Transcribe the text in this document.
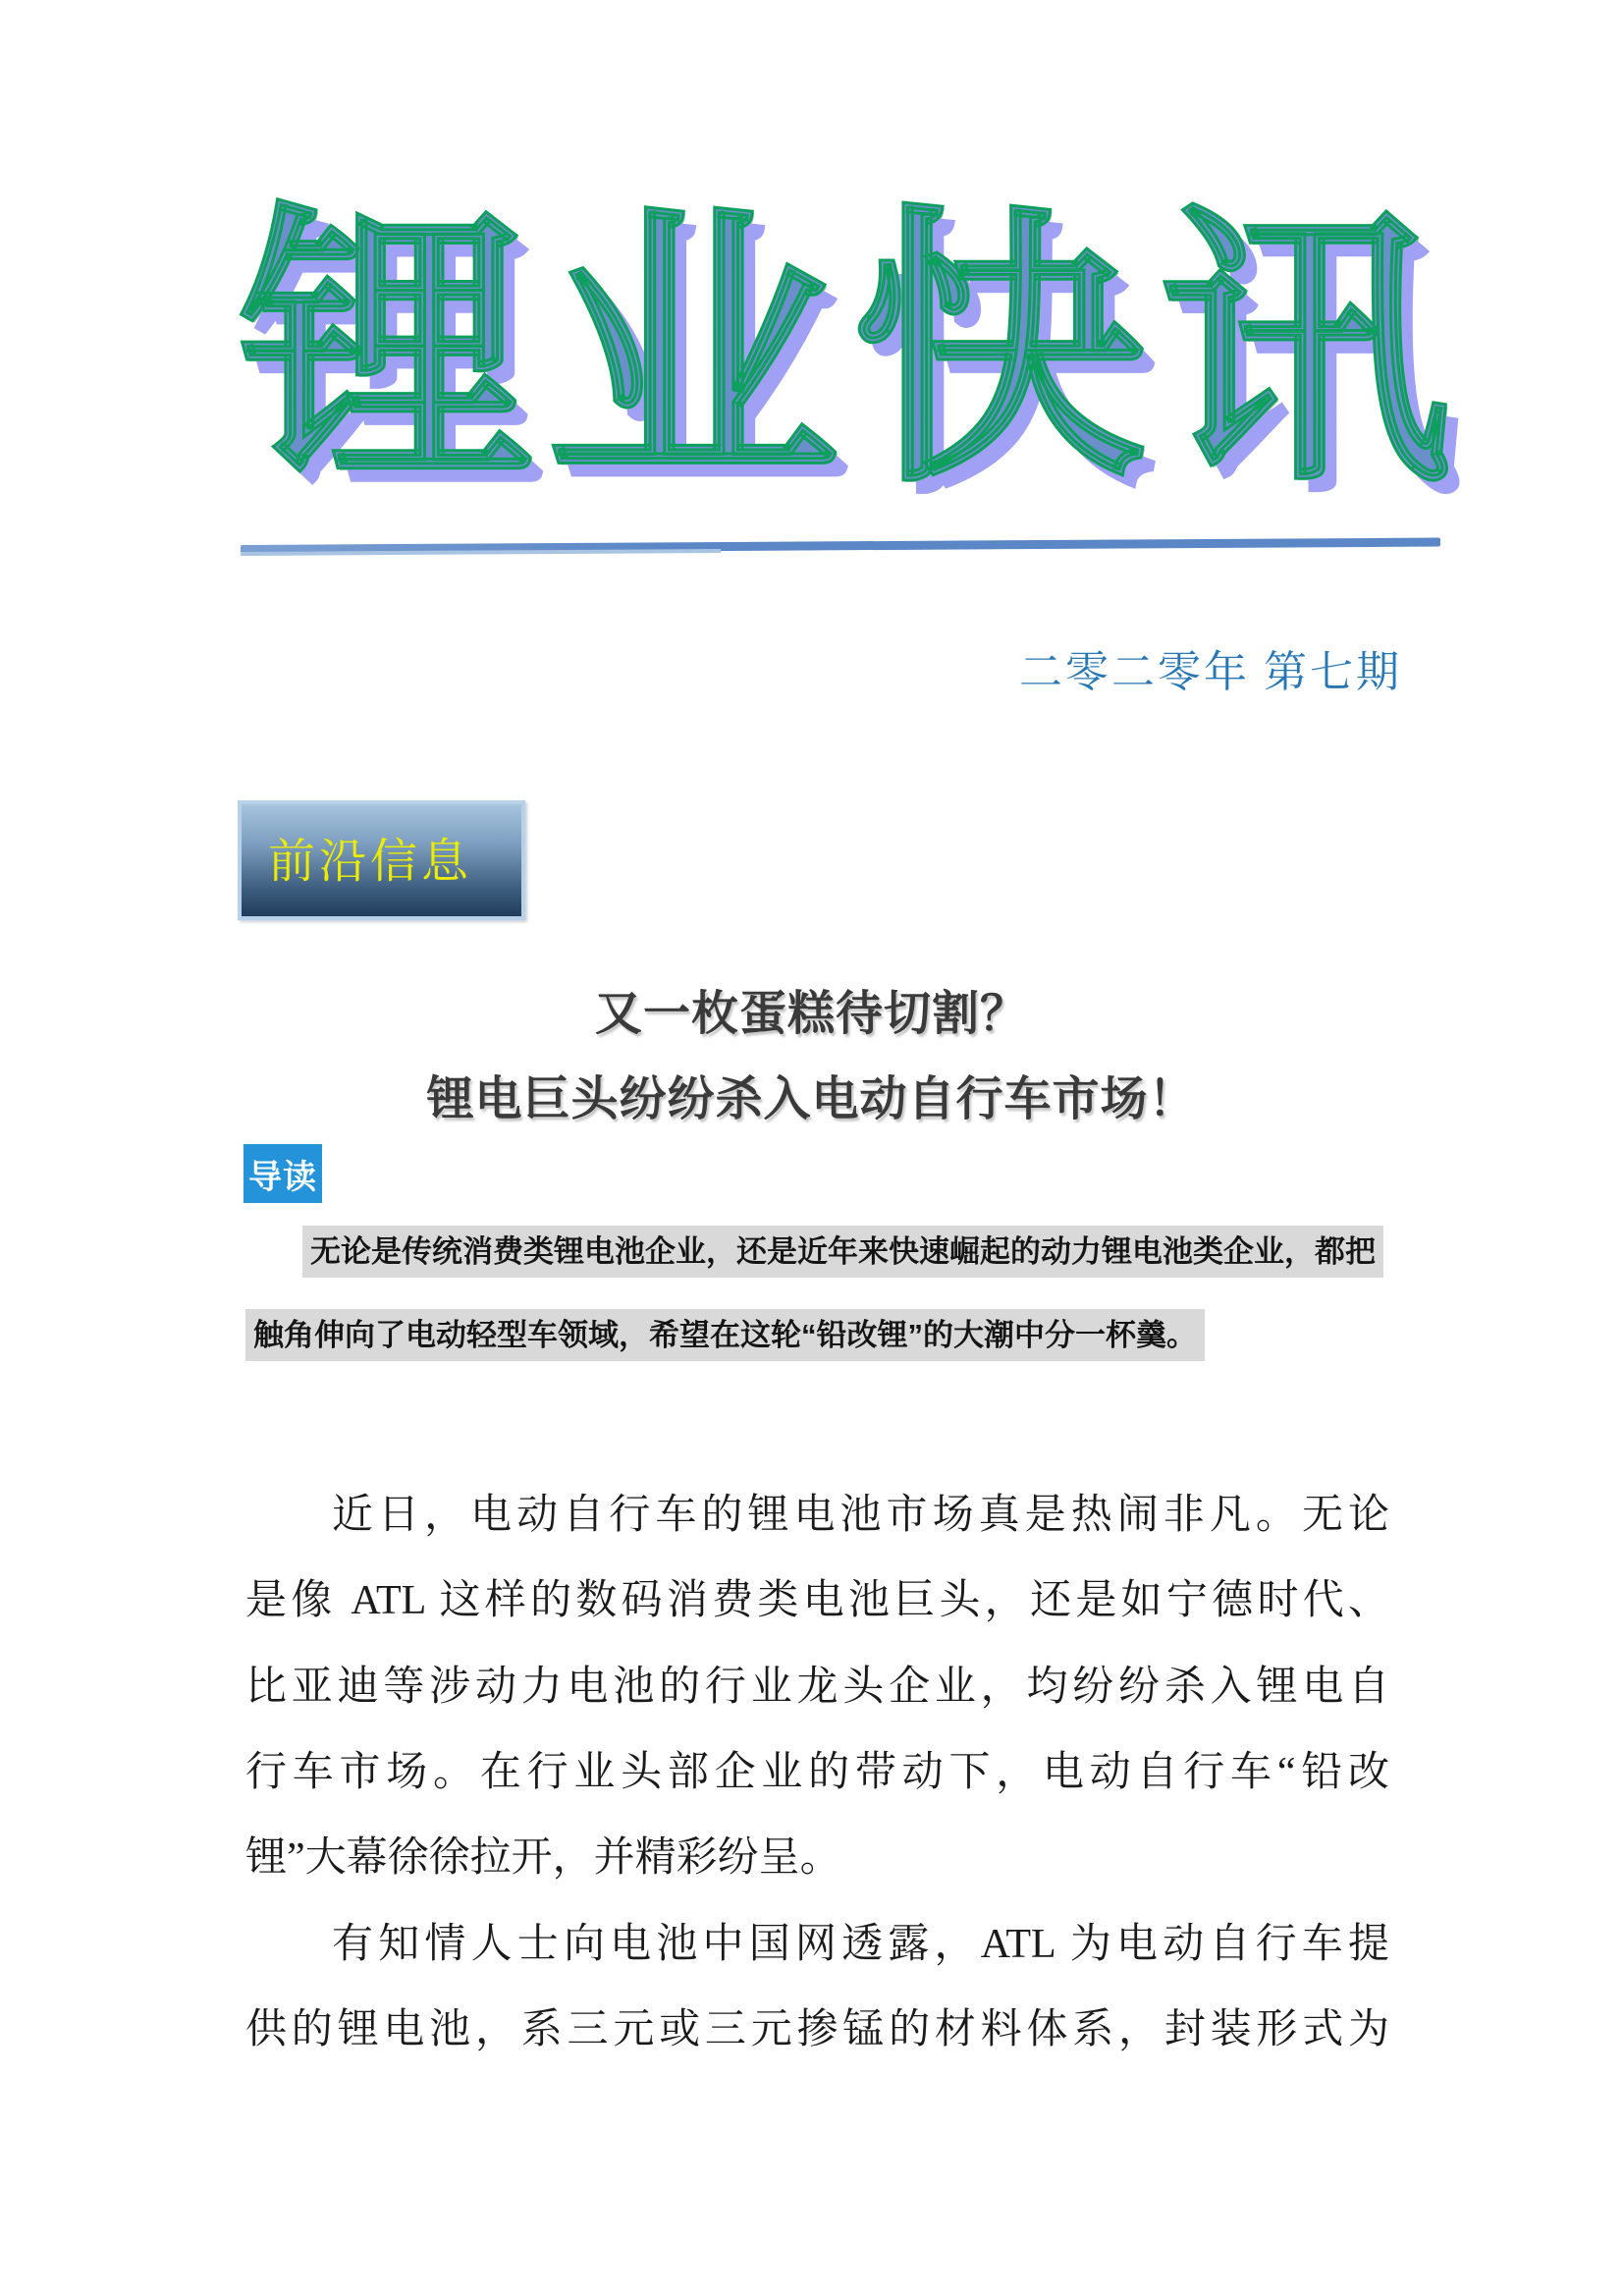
锂业快讯
二零二零年 第七期
前沿信息
又一枚蛋糕待切割？
锂电巨头纷纷杀入电动自行车市场！
导读
无论是传统消费类锂电池企业，还是近年来快速崛起的动力锂电池类企业，都把
触角伸向了电动轻型车领域，希望在这轮“铅改锂”的大潮中分一杯羹。
近日，电动自行车的锂电池市场真是热闹非凡。无论
是像 ATL 这样的数码消费类电池巨头，还是如宁德时代、
比亚迪等涉动力电池的行业龙头企业，均纷纷杀入锂电自
行车市场。在行业头部企业的带动下，电动自行车“铅改
锂”大幕徐徐拉开，并精彩纷呈。
有知情人士向电池中国网透露，ATL 为电动自行车提
供的锂电池，系三元或三元掺锰的材料体系，封装形式为
